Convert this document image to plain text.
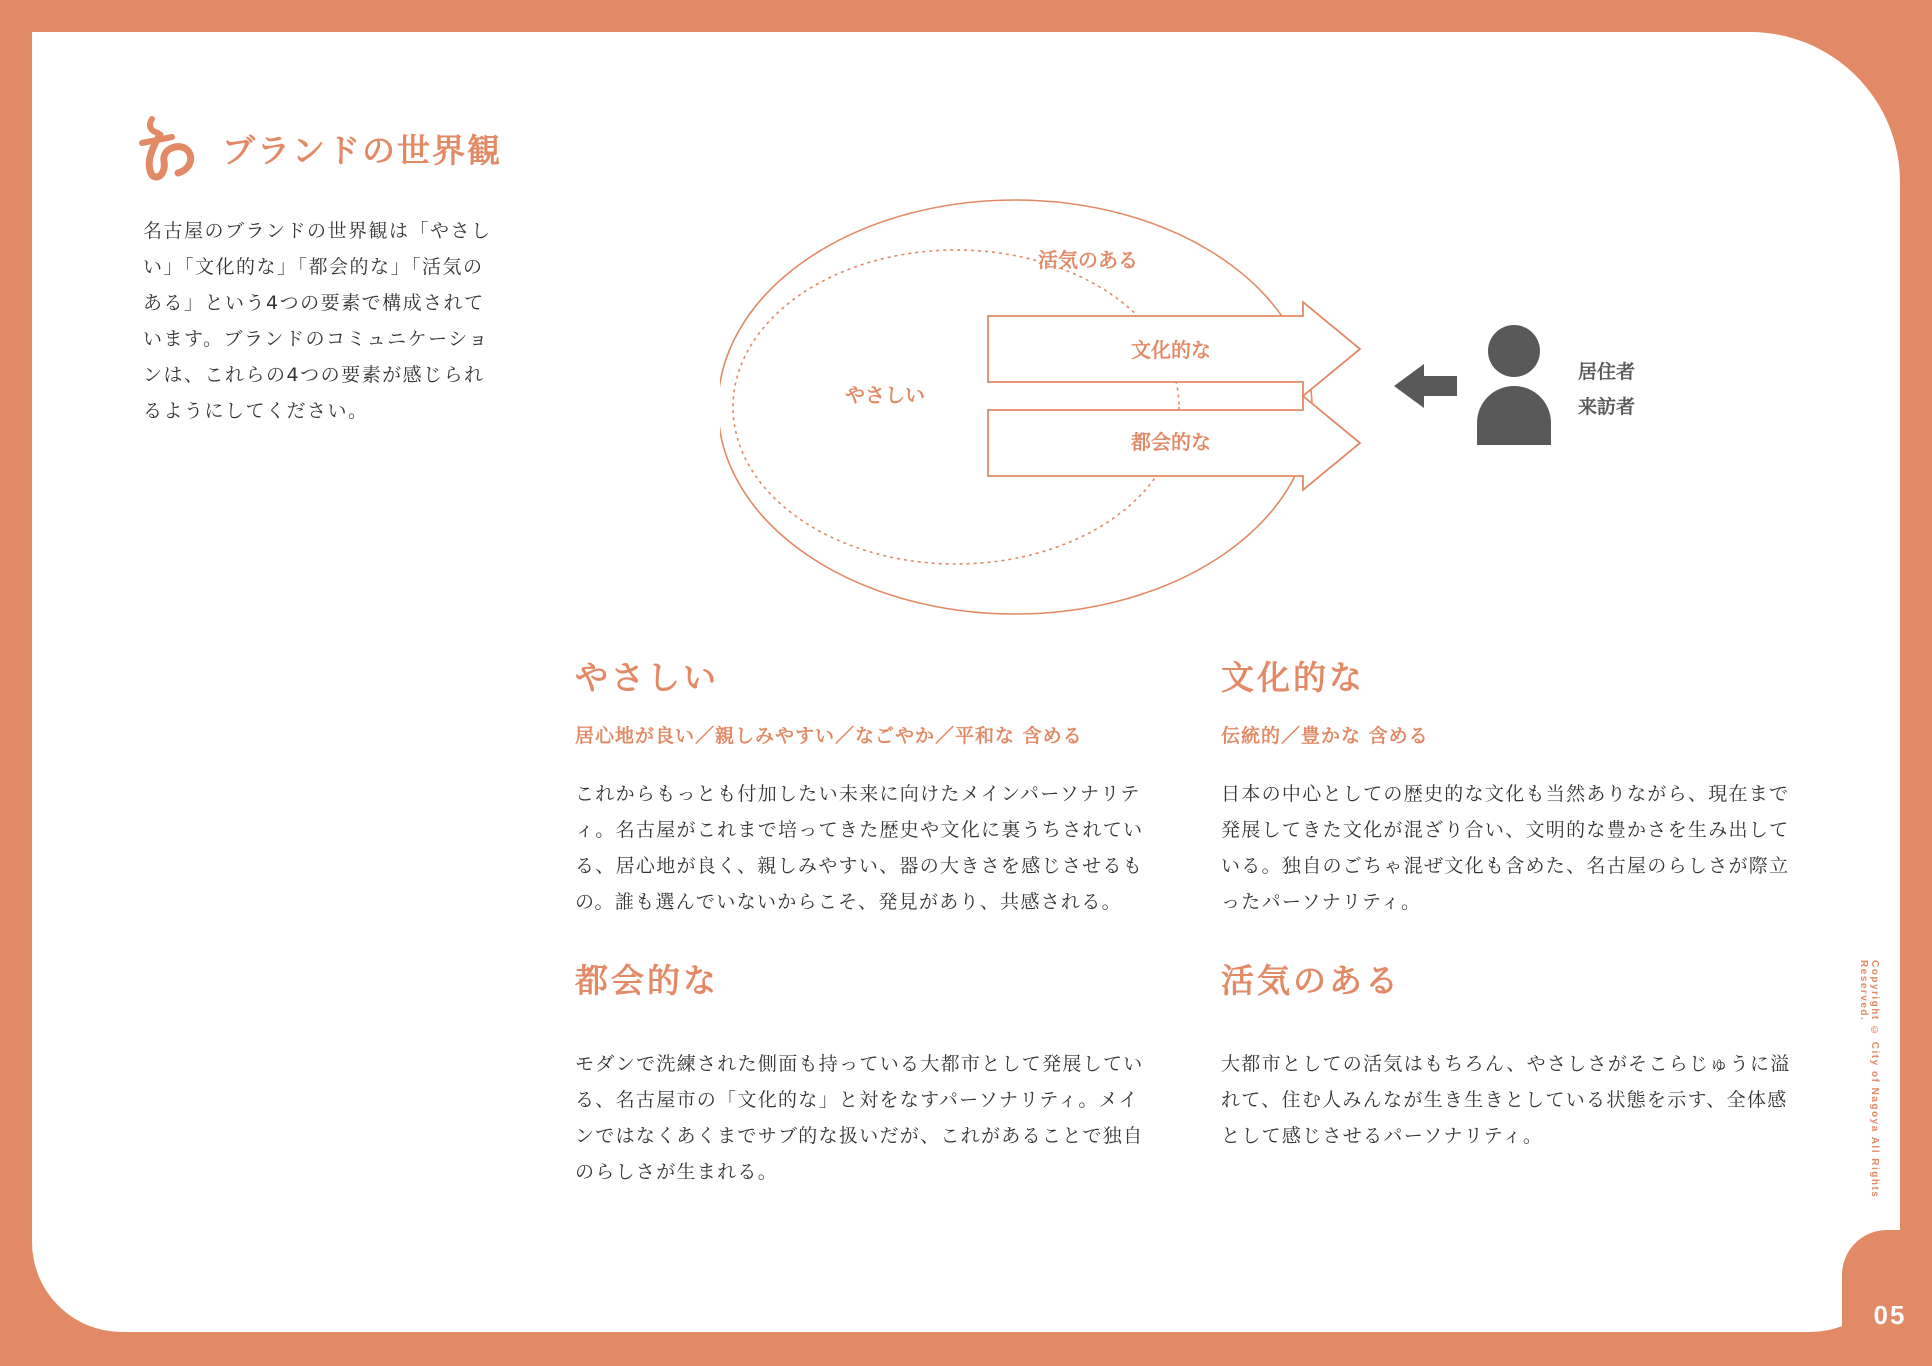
05
Copyright © City of Nagoya All Rights Reserved.
ブランドの世界観
名古屋のブランドの世界観は「やさしい」「文化的な」「都会的な」「活気のある」という4つの要素で構成されています。ブランドのコミュニケーションは、これらの4つの要素が感じられるようにしてください。
活気のある
やさしい
文化的な
都会的な
居住者
来訪者
やさしい
居心地が良い／親しみやすい／なごやか／平和な 含める
これからもっとも付加したい未来に向けたメインパーソナリティ。名古屋がこれまで培ってきた歴史や文化に裏うちされている、居心地が良く、親しみやすい、器の大きさを感じさせるもの。誰も選んでいないからこそ、発見があり、共感される。
文化的な
伝統的／豊かな 含める
日本の中心としての歴史的な文化も当然ありながら、現在まで発展してきた文化が混ざり合い、文明的な豊かさを生み出している。独自のごちゃ混ぜ文化も含めた、名古屋のらしさが際立ったパーソナリティ。
都会的な
モダンで洗練された側面も持っている大都市として発展している、名古屋市の「文化的な」と対をなすパーソナリティ。メインではなくあくまでサブ的な扱いだが、これがあることで独自のらしさが生まれる。
活気のある
大都市としての活気はもちろん、やさしさがそこらじゅうに溢れて、住む人みんなが生き生きとしている状態を示す、全体感として感じさせるパーソナリティ。
